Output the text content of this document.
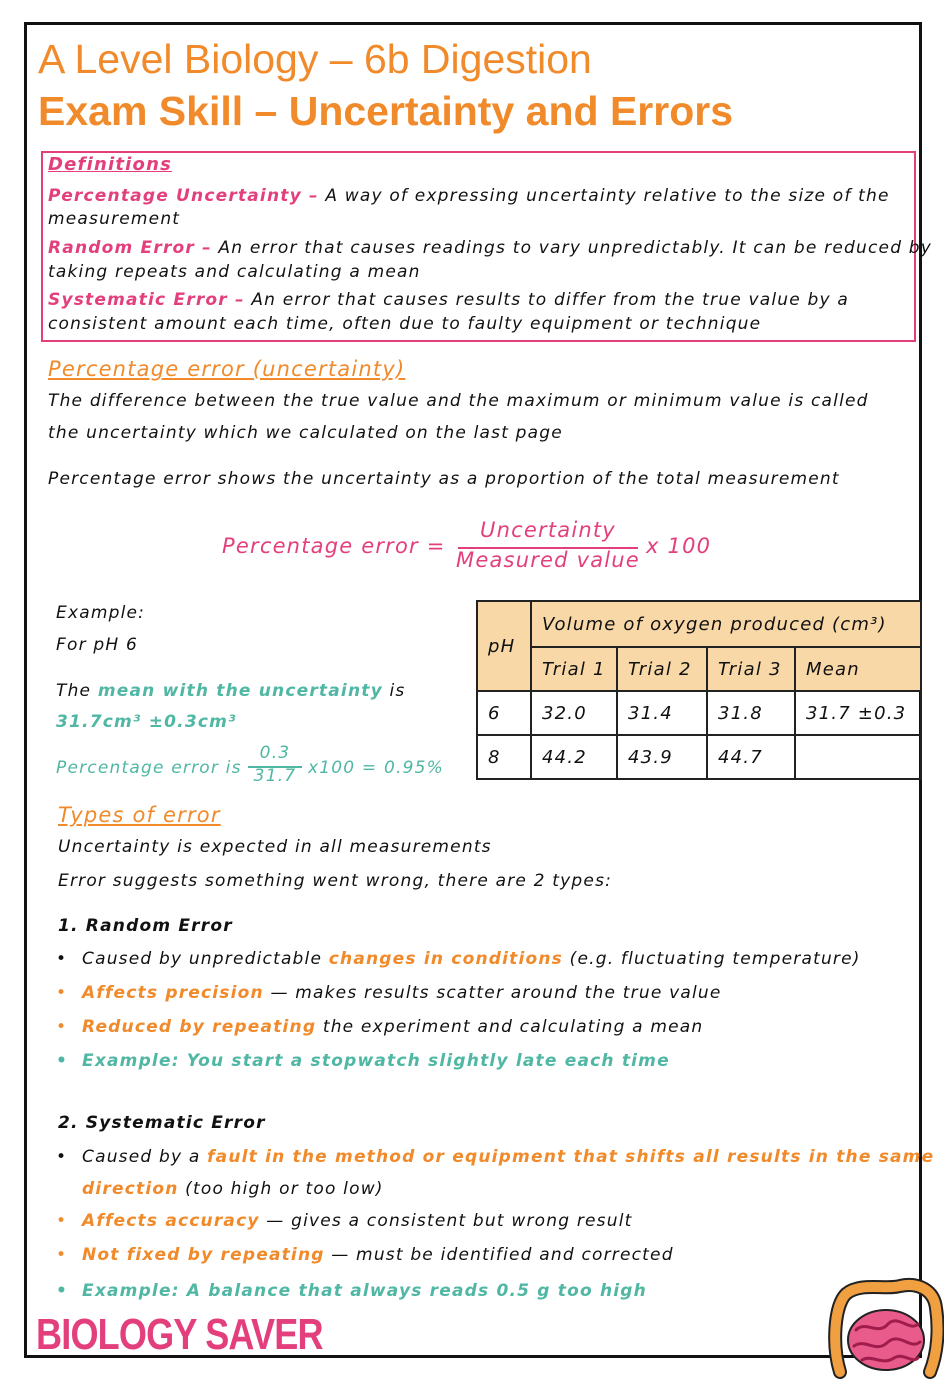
A Level Biology – 6b Digestion
Exam Skill – Uncertainty and Errors
Definitions
Percentage Uncertainty – A way of expressing uncertainty relative to the size of the
measurement
Random Error – An error that causes readings to vary unpredictably. It can be reduced by
taking repeats and calculating a mean
Systematic Error – An error that causes results to differ from the true value by a
consistent amount each time, often due to faulty equipment or technique
Percentage error (uncertainty)
The difference between the true value and the maximum or minimum value is called
the uncertainty which we calculated on the last page
Percentage error shows the uncertainty as a proportion of the total measurement
Percentage error =
Uncertainty
Measured value
x 100
Example:
For pH 6
The mean with the uncertainty is
31.7cm³ ±0.3cm³
Percentage error is
0.3
31.7 x100 = 0.95%
pH	Volume of oxygen produced (cm³)			
	Trial 1	Trial 2	Trial 3	Mean
6	32.0	31.4	31.8	31.7 ±0.3
8	44.2	43.9	44.7	
Types of error
Uncertainty is expected in all measurements
Error suggests something went wrong, there are 2 types:
1. Random Error
• Caused by unpredictable changes in conditions (e.g. fluctuating temperature)
• Affects precision — makes results scatter around the true value
• Reduced by repeating the experiment and calculating a mean
• Example: You start a stopwatch slightly late each time
2. Systematic Error
• Caused by a fault in the method or equipment that shifts all results in the same
direction (too high or too low)
• Affects accuracy — gives a consistent but wrong result
• Not fixed by repeating — must be identified and corrected
• Example: A balance that always reads 0.5 g too high
BIOLOGY SAVER
